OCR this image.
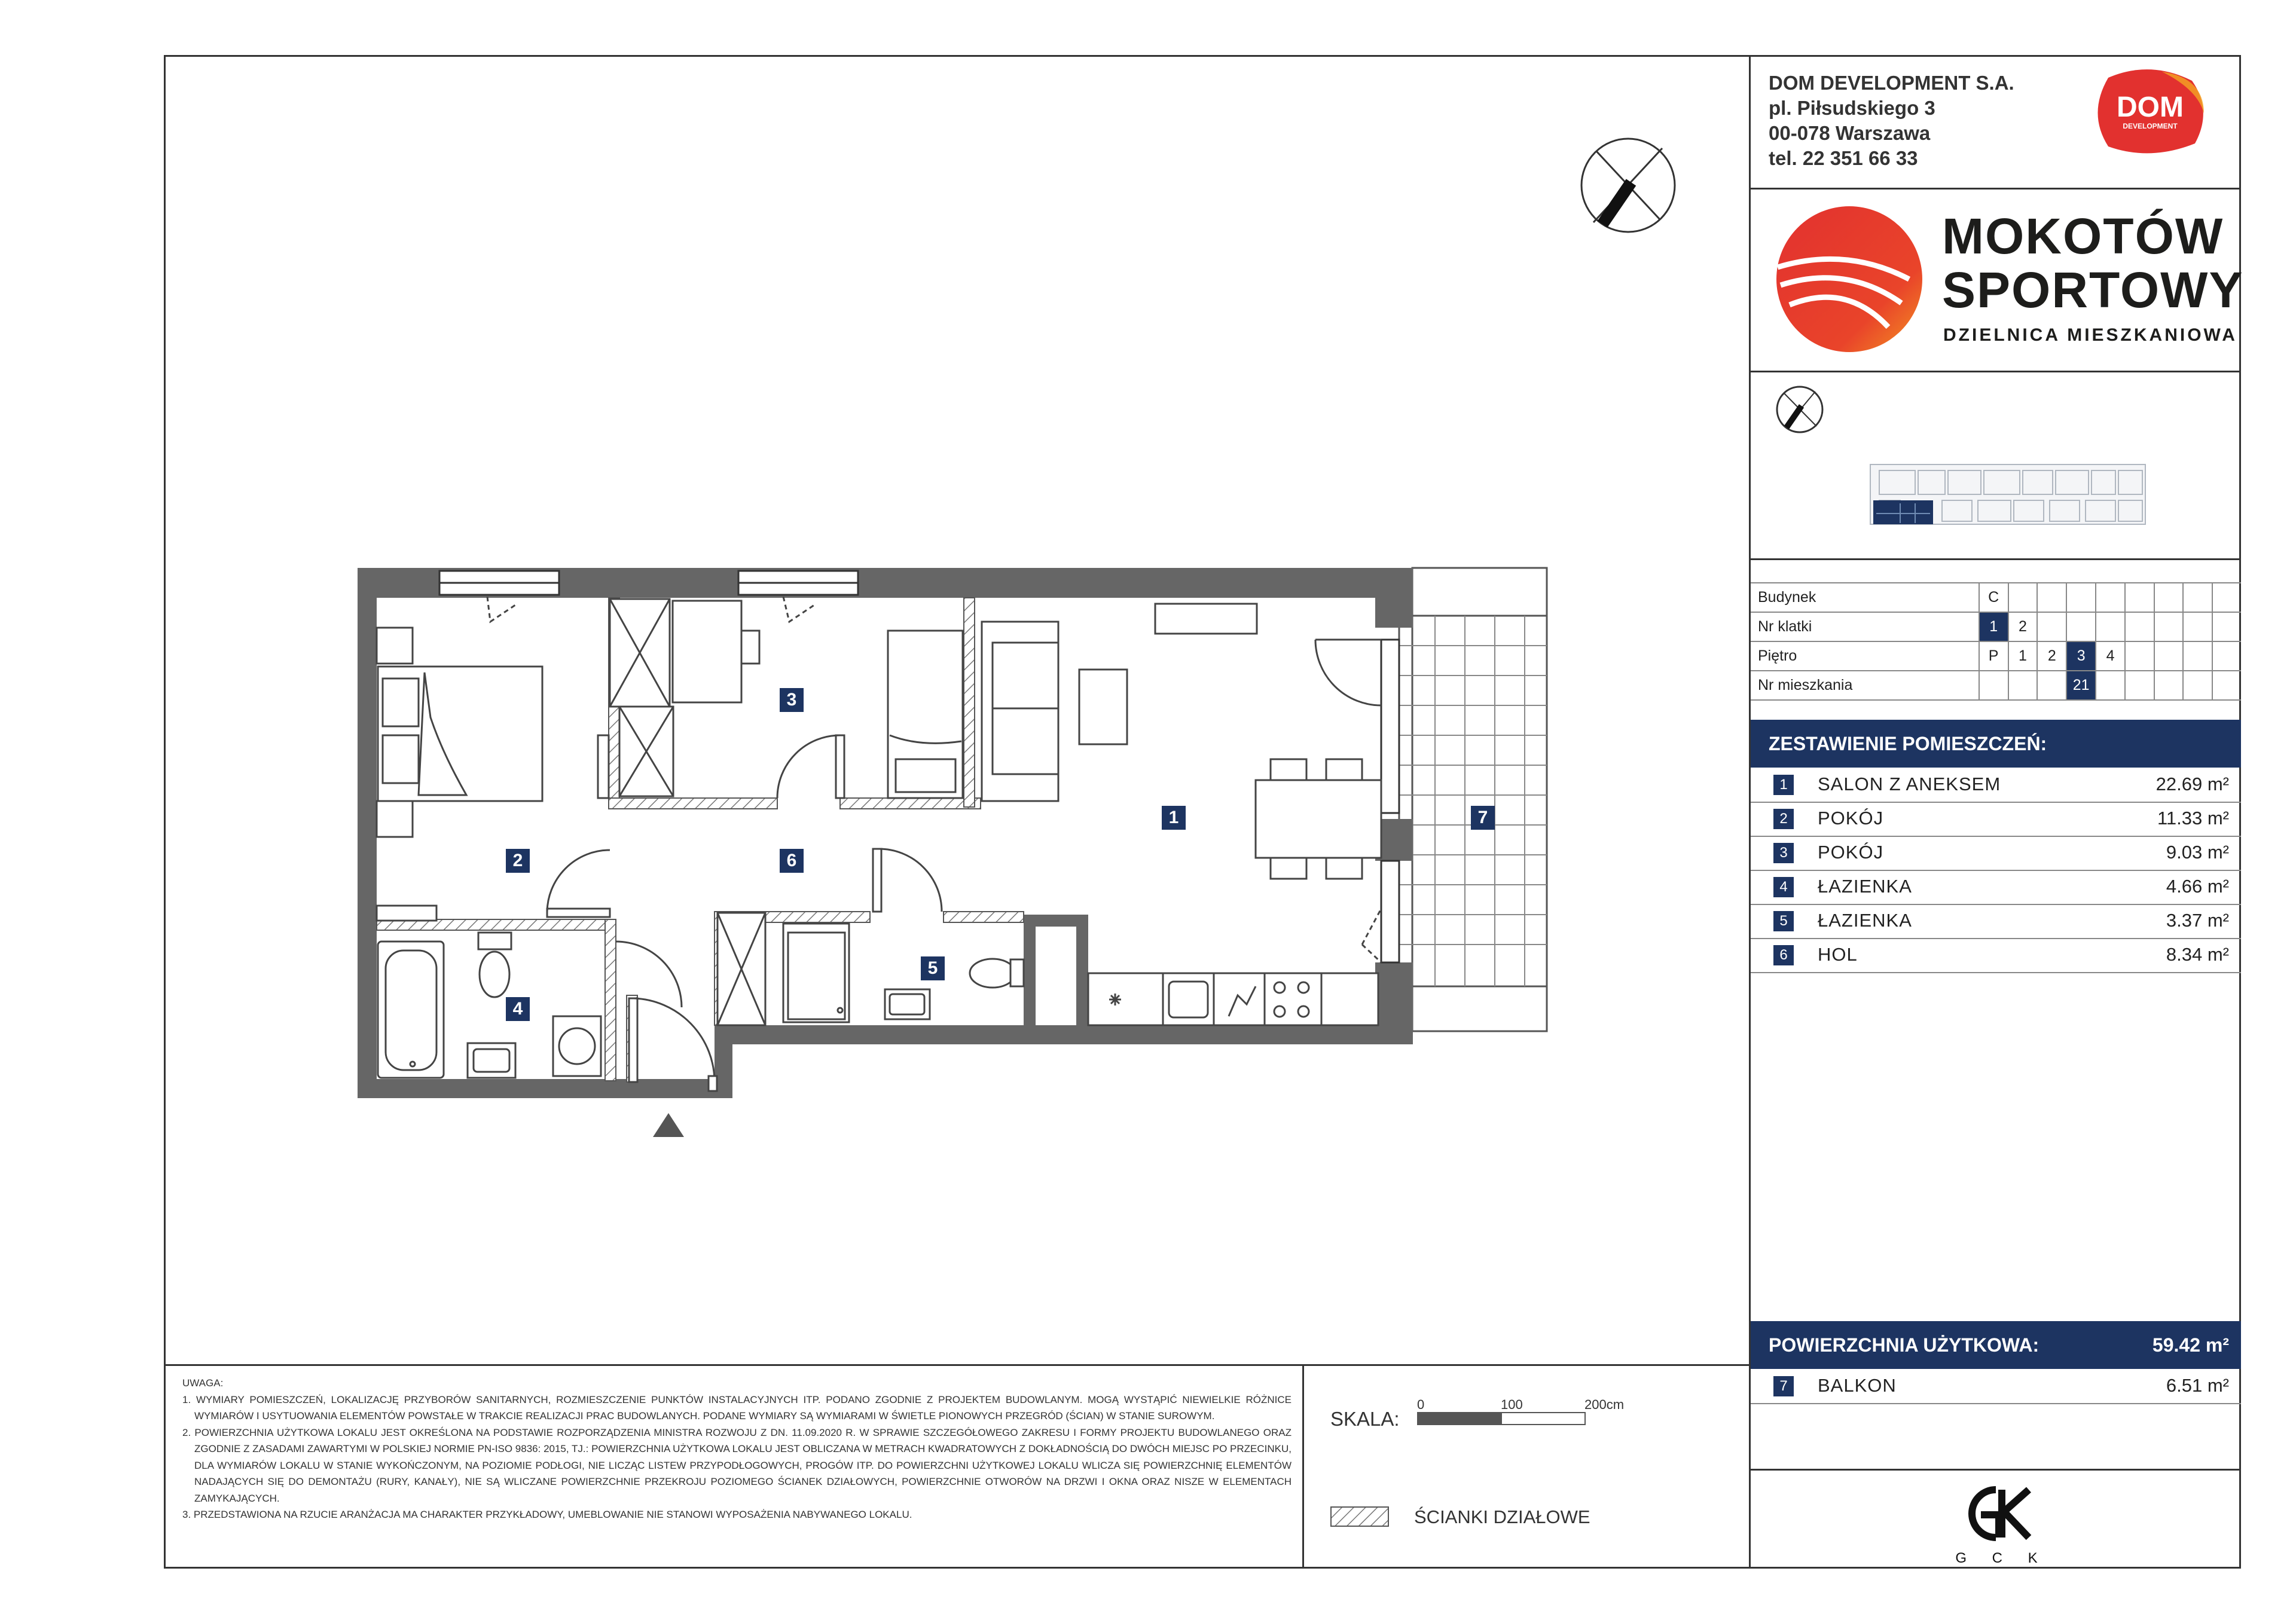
1
2
3
4
5
6
7

UWAGA:

1. WYMIARY POMIESZCZEŃ, LOKALIZACJĘ PRZYBORÓW SANITARNYCH, ROZMIESZCZENIE PUNKTÓW INSTALACYJNYCH ITP. PODANO ZGODNIE Z PROJEKTEM BUDOWLANYM. MOGĄ WYSTĄPIĆ NIEWIELKIE RÓŻNICE WYMIARÓW I USYTUOWANIA ELEMENTÓW POWSTAŁE W TRAKCIE REALIZACJI PRAC BUDOWLANYCH. PODANE WYMIARY SĄ WYMIARAMI W ŚWIETLE PIONOWYCH PRZEGRÓD (ŚCIAN) W STANIE SUROWYM.

2. POWIERZCHNIA UŻYTKOWA LOKALU JEST OKREŚLONA NA PODSTAWIE ROZPORZĄDZENIA MINISTRA ROZWOJU Z DN. 11.09.2020 R. W SPRAWIE SZCZEGÓŁOWEGO ZAKRESU I FORMY PROJEKTU BUDOWLANEGO ORAZ ZGODNIE Z ZASADAMI ZAWARTYMI W POLSKIEJ NORMIE PN-ISO 9836: 2015, TJ.: POWIERZCHNIA UŻYTKOWA LOKALU JEST OBLICZANA W METRACH KWADRATOWYCH Z DOKŁADNOŚCIĄ DO DWÓCH MIEJSC PO PRZECINKU, DLA WYMIARÓW LOKALU W STANIE WYKOŃCZONYM, NA POZIOMIE PODŁOGI, NIE LICZĄC LISTEW PRZYPODŁOGOWYCH, PROGÓW ITP. DO POWIERZCHNI UŻYTKOWEJ LOKALU WLICZA SIĘ POWIERZCHNIĘ ELEMENTÓW NADAJĄCYCH SIĘ DO DEMONTAŻU (RURY, KANAŁY), NIE SĄ WLICZANE POWIERZCHNIE PRZEKROJU POZIOMEGO ŚCIANEK DZIAŁOWYCH, POWIERZCHNIE OTWORÓW NA DRZWI I OKNA ORAZ NISZE W ELEMENTACH ZAMYKAJĄCYCH.

3. PRZEDSTAWIONA NA RZUCIE ARANŻACJA MA CHARAKTER PRZYKŁADOWY, UMEBLOWANIE NIE STANOWI WYPOSAŻENIA NABYWANEGO LOKALU.

SKALA:
0	100	200cm
ŚCIANKI DZIAŁOWE
DOM DEVELOPMENT S.A.
pl. Piłsudskiego 3
00-078 Warszawa
tel. 22 351 66 33
DOM
DEVELOPMENT
MOKOTÓW
SPORTOWY
DZIELNICA MIESZKANIOWA
Budynek	C								
Nr klatki	1	2							
Piętro	P	1	2	3	4				
Nr mieszkania				21					
ZESTAWIENIE POMIESZCZEŃ:
1	SALON Z ANEKSEM	22.69 m²
2	POKÓJ	11.33 m²
3	POKÓJ	9.03 m²
4	ŁAZIENKA	4.66 m²
5	ŁAZIENKA	3.37 m²
6	HOL	8.34 m²
POWIERZCHNIA UŻYTKOWA:	59.42 m²
7	BALKON	6.51 m²
G C K
